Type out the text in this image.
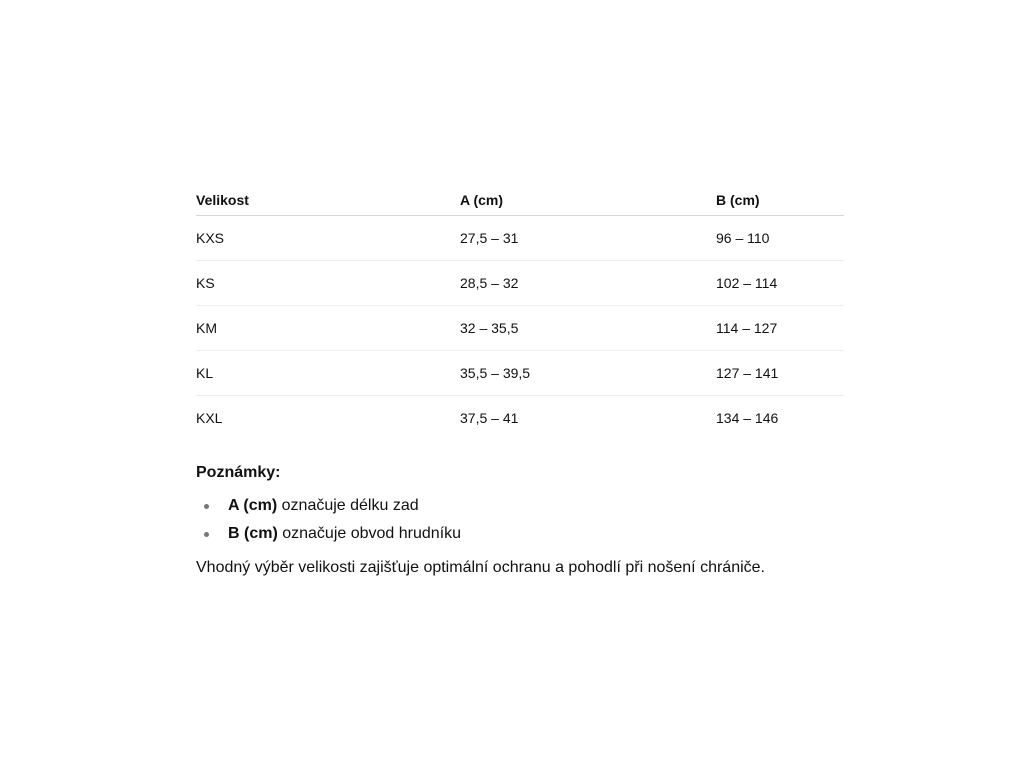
Velikost	A (cm)	B (cm)
KXS	27,5 – 31	96 – 110
KS	28,5 – 32	102 – 114
KM	32 – 35,5	114 – 127
KL	35,5 – 39,5	127 – 141
KXL	37,5 – 41	134 – 146
Poznámky:
A (cm) označuje délku zad
B (cm) označuje obvod hrudníku

Vhodný výběr velikosti zajišťuje optimální ochranu a pohodlí při nošení chrániče.
